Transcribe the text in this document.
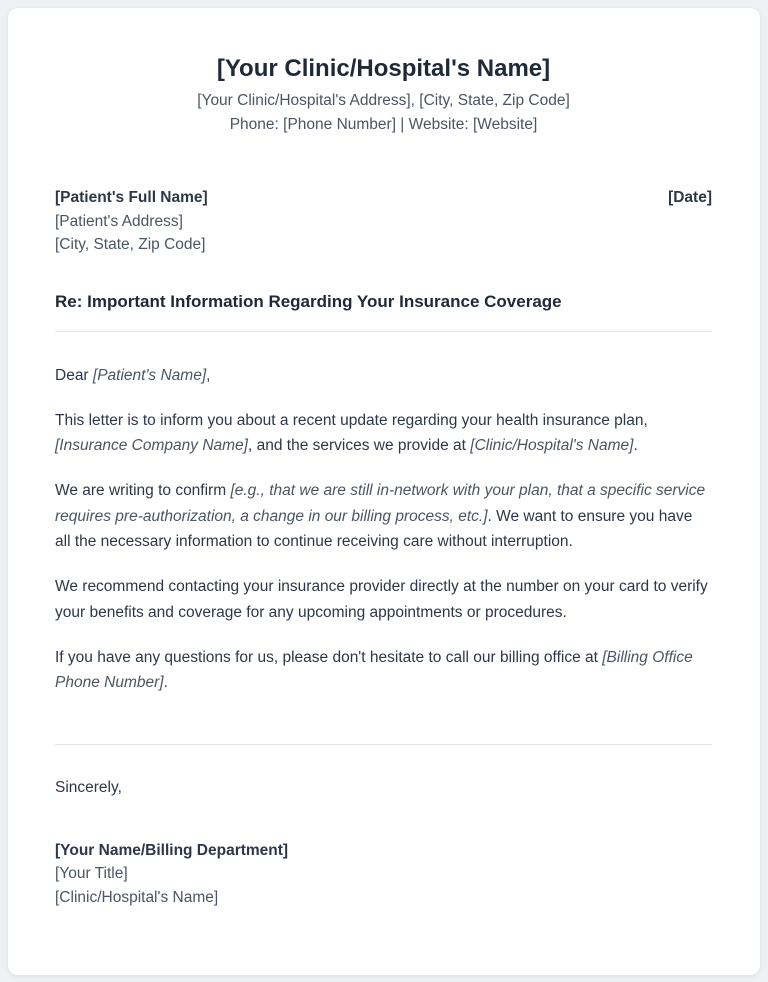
[Your Clinic/Hospital's Name]
[Your Clinic/Hospital's Address], [City, State, Zip Code]
Phone: [Phone Number] | Website: [Website]
[Patient's Full Name]
[Patient's Address]
[City, State, Zip Code]
[Date]
Re: Important Information Regarding Your Insurance Coverage

Dear [Patient's Name],

This letter is to inform you about a recent update regarding your health insurance plan, [Insurance Company Name], and the services we provide at [Clinic/Hospital's Name].

We are writing to confirm [e.g., that we are still in-network with your plan, that a specific service requires pre-authorization, a change in our billing process, etc.]. We want to ensure you have all the necessary information to continue receiving care without interruption.

We recommend contacting your insurance provider directly at the number on your card to verify your benefits and coverage for any upcoming appointments or procedures.

If you have any questions for us, please don't hesitate to call our billing office at [Billing Office Phone Number].

Sincerely,
[Your Name/Billing Department]
[Your Title]
[Clinic/Hospital's Name]
